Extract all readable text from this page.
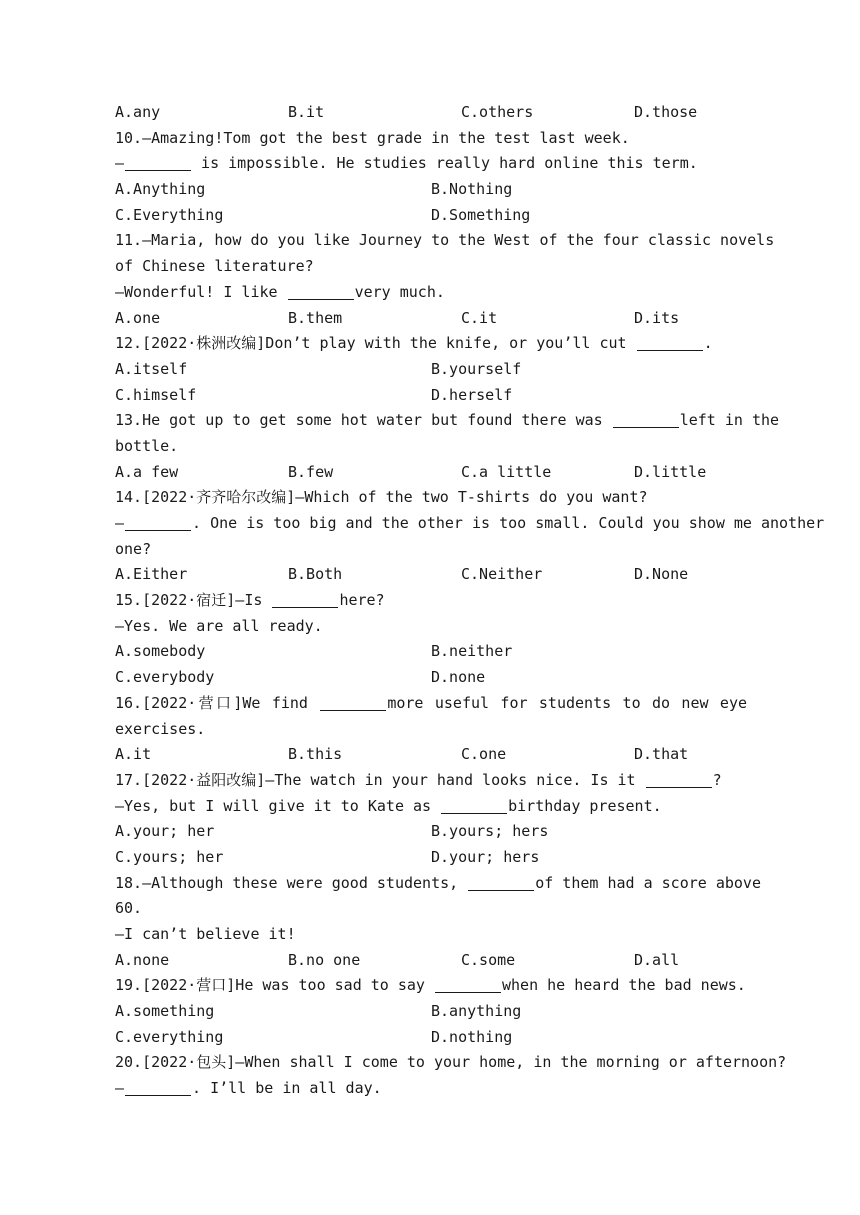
A.any	B.it	C.others	D.those
10.—Amazing!Tom got the best grade in the test last week.
—	is impossible. He studies really hard online this term.
A.Anything	B.Nothing
C.Everything	D.Something
11.—Maria, how do you like Journey to the West of the four classic novels
of Chinese literature?
—Wonderful! I like	very much.
A.one	B.them	C.it	D.its
12.[2022·株洲改编]Don’t play with the knife, or you’ll cut	.
A.itself	B.yourself
C.himself	D.herself
13.He got up to get some hot water but found there was	left in the
bottle.
A.a few	B.few	C.a little	D.little
14.[2022·齐齐哈尔改编]—Which of the two T-shirts do you want?
—	. One is too big and the other is too small. Could you show me another
one?
A.Either	B.Both	C.Neither	D.None
15.[2022·宿迁]—Is	here?
—Yes. We are all ready.
A.somebody	B.neither
C.everybody	D.none
16.[2022·营口]We find	more useful for students to do new eye
exercises.
A.it	B.this	C.one	D.that
17.[2022·益阳改编]—The watch in your hand looks nice. Is it	?
—Yes, but I will give it to Kate as	birthday present.
A.your; her	B.yours; hers
C.yours; her	D.your; hers
18.—Although these were good students,	of them had a score above
60.
—I can’t believe it!
A.none	B.no one	C.some	D.all
19.[2022·营口]He was too sad to say	when he heard the bad news.
A.something	B.anything
C.everything	D.nothing
20.[2022·包头]—When shall I come to your home, in the morning or afternoon?
—	. I’ll be in all day.
